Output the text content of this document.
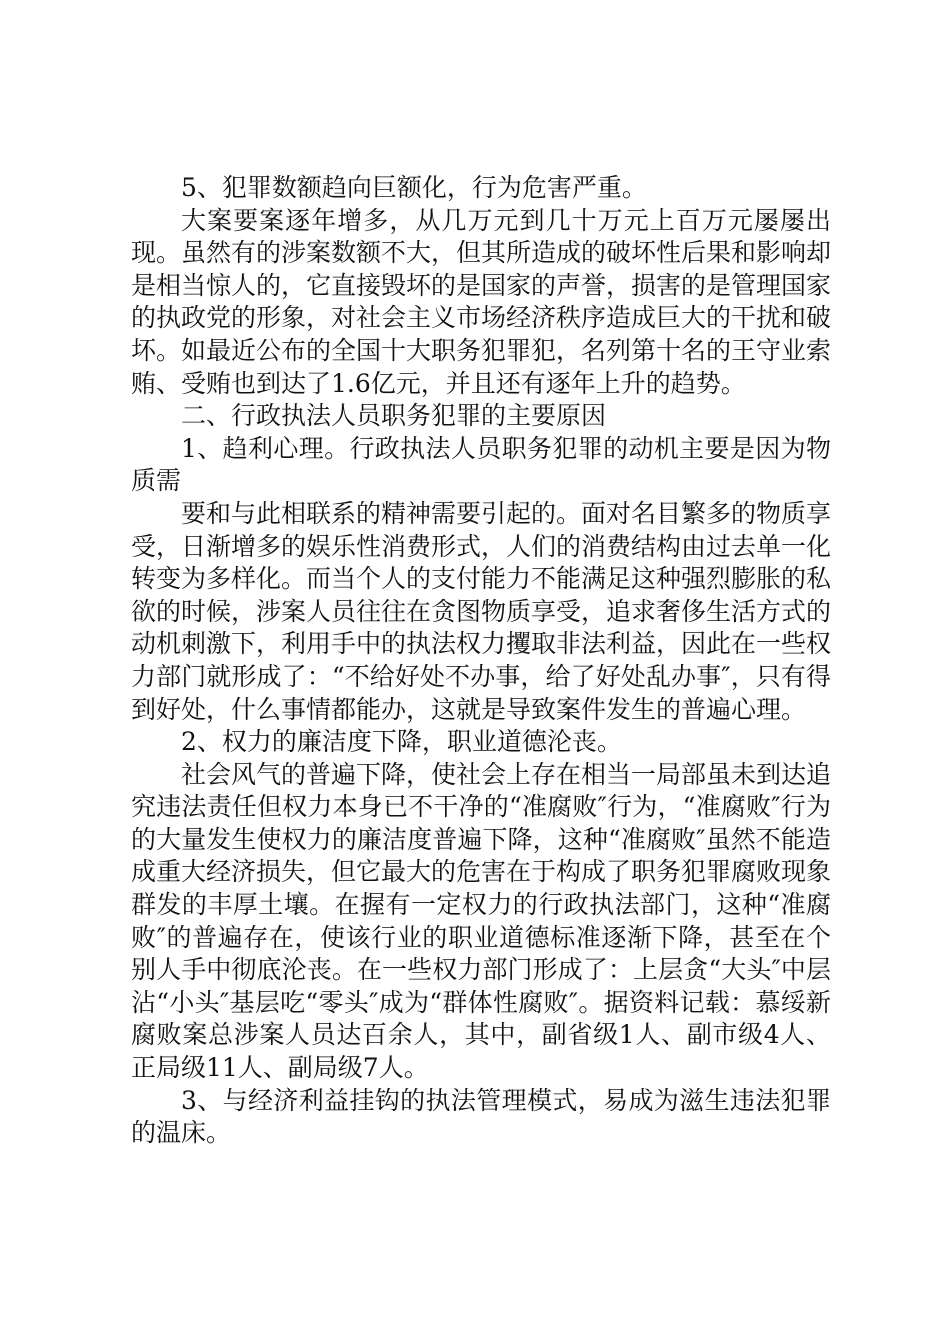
5、犯罪数额趋向巨额化，行为危害严重。

大案要案逐年增多，从几万元到几十万元上百万元屡屡出现。虽然有的涉案数额不大，但其所造成的破坏性后果和影响却是相当惊人的，它直接毁坏的是国家的声誉，损害的是管理国家的执政党的形象，对社会主义市场经济秩序造成巨大的干扰和破坏。如最近公布的全国十大职务犯罪犯，名列第十名的王守业索贿、受贿也到达了1.6亿元，并且还有逐年上升的趋势。

二、行政执法人员职务犯罪的主要原因

1、趋利心理。行政执法人员职务犯罪的动机主要是因为物质需

要和与此相联系的精神需要引起的。面对名目繁多的物质享受，日渐增多的娱乐性消费形式，人们的消费结构由过去单一化转变为多样化。而当个人的支付能力不能满足这种强烈膨胀的私欲的时候，涉案人员往往在贪图物质享受，追求奢侈生活方式的动机刺激下，利用手中的执法权力攫取非法利益，因此在一些权力部门就形成了：“不给好处不办事，给了好处乱办事″，只有得到好处，什么事情都能办，这就是导致案件发生的普遍心理。

2、权力的廉洁度下降，职业道德沦丧。

社会风气的普遍下降，使社会上存在相当一局部虽未到达追究违法责任但权力本身已不干净的“准腐败″行为，“准腐败″行为的大量发生使权力的廉洁度普遍下降，这种“准腐败″虽然不能造成重大经济损失，但它最大的危害在于构成了职务犯罪腐败现象群发的丰厚土壤。在握有一定权力的行政执法部门，这种“准腐败″的普遍存在，使该行业的职业道德标准逐渐下降，甚至在个别人手中彻底沦丧。在一些权力部门形成了：上层贪“大头″中层沾“小头″基层吃“零头″成为“群体性腐败″。据资料记载：慕绥新腐败案总涉案人员达百余人，其中，副省级1人、副市级4人、正局级11人、副局级7人。

3、与经济利益挂钩的执法管理模式，易成为滋生违法犯罪的温床。
